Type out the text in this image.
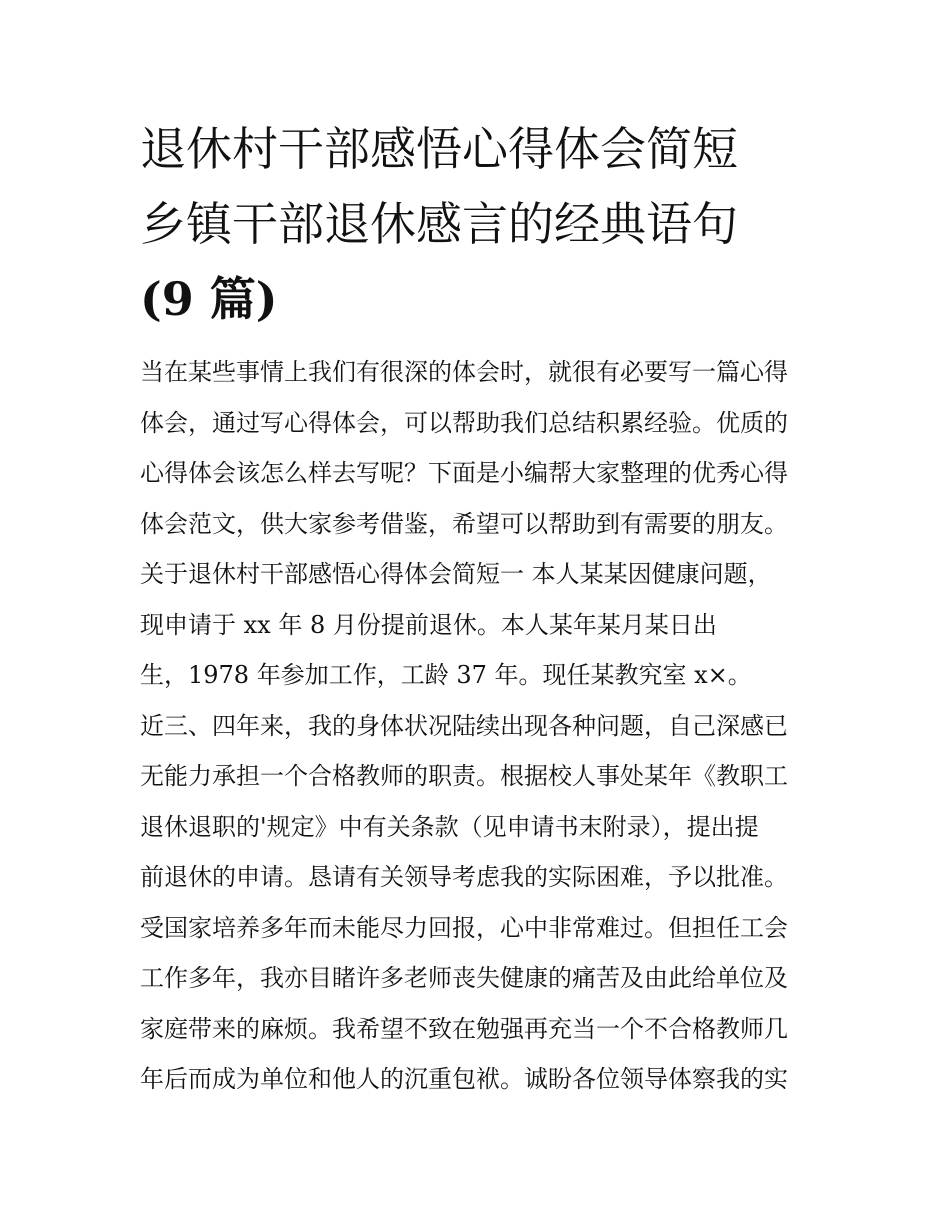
退休村干部感悟心得体会简短
乡镇干部退休感言的经典语句
(9 篇)
当在某些事情上我们有很深的体会时，就很有必要写一篇心得
体会，通过写心得体会，可以帮助我们总结积累经验。优质的
心得体会该怎么样去写呢？下面是小编帮大家整理的优秀心得
体会范文，供大家参考借鉴，希望可以帮助到有需要的朋友。
关于退休村干部感悟心得体会简短一 本人某某因健康问题，
现申请于 xx 年 8 月份提前退休。本人某年某月某日出
生，1978 年参加工作，工龄 37 年。现任某教究室 x×。
近三、四年来，我的身体状况陆续出现各种问题，自己深感已
无能力承担一个合格教师的职责。根据校人事处某年《教职工
退休退职的'规定》中有关条款（见申请书末附录），提出提
前退休的申请。恳请有关领导考虑我的实际困难，予以批准。
受国家培养多年而未能尽力回报，心中非常难过。但担任工会
工作多年，我亦目睹许多老师丧失健康的痛苦及由此给单位及
家庭带来的麻烦。我希望不致在勉强再充当一个不合格教师几
年后而成为单位和他人的沉重包袱。诚盼各位领导体察我的实
